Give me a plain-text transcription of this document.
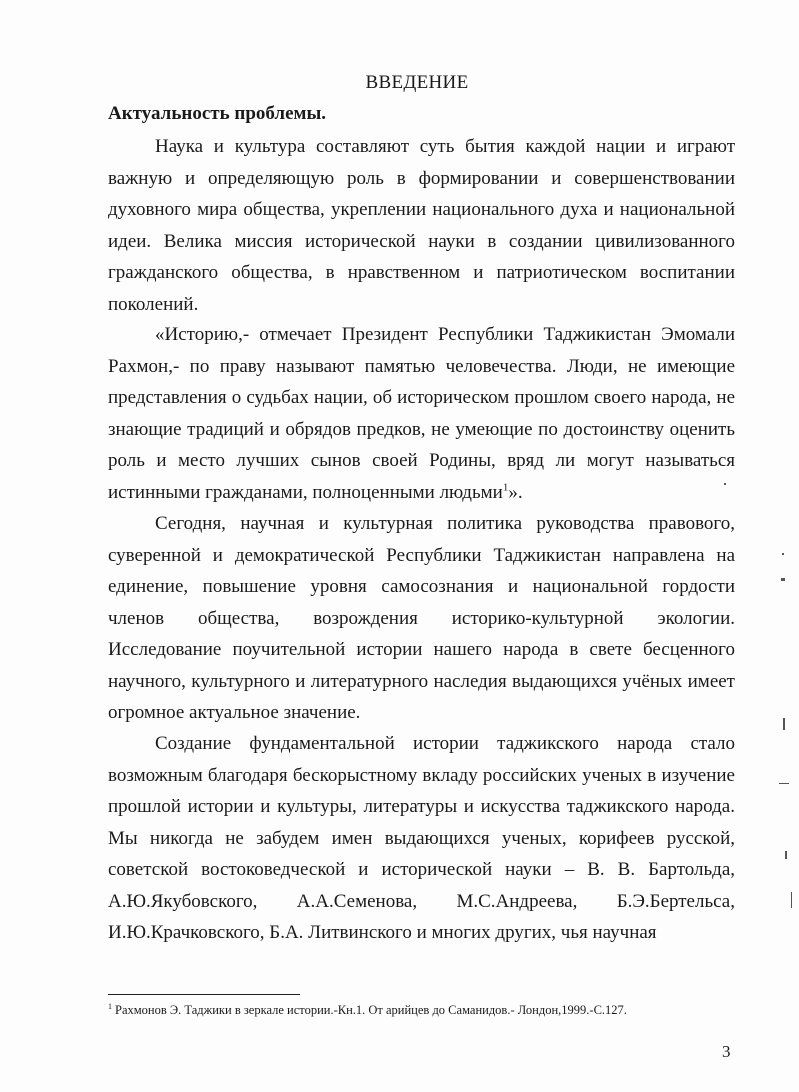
ВВЕДЕНИЕ
Актуальность проблемы.

Наука и культура составляют суть бытия каждой нации и играют важную и определяющую роль в формировании и совершенствовании духовного мира общества, укреплении национального духа и национальной идеи. Велика миссия исторической науки в создании цивилизованного гражданского общества, в нравственном и патриотическом воспитании поколений.

«Историю,- отмечает Президент Республики Таджикистан Эмомали Рахмон,- по праву называют памятью человечества. Люди, не имеющие представления о судьбах нации, об историческом прошлом своего народа, не знающие традиций и обрядов предков, не умеющие по достоинству оценить роль и место лучших сынов своей Родины, вряд ли могут называться истинными гражданами, полноценными людьми$^1$».

Сегодня, научная и культурная политика руководства правового, суверенной и демократической Республики Таджикистан направлена на единение, повышение уровня самосознания и национальной гордости членов общества, возрождения историко-культурной экологии. Исследование поучительной истории нашего народа в свете бесценного научного, культурного и литературного наследия выдающихся учёных имеет огромное актуальное значение.

Создание фундаментальной истории таджикского народа стало возможным благодаря бескорыстному вкладу российских ученых в изучение прошлой истории и культуры, литературы и искусства таджикского народа. Мы никогда не забудем имен выдающихся ученых, корифеев русской, советской востоковедческой и исторической науки – В. В. Бартольда, А.Ю.Якубовского, А.А.Семенова, М.С.Андреева, Б.Э.Бертельса, И.Ю.Крачковского, Б.А. Литвинского и многих других, чья научная

$^1$ Рахмонов Э. Таджики в зеркале истории.-Кн.1. От арийцев до Саманидов.- Лондон,1999.-С.127.
3
